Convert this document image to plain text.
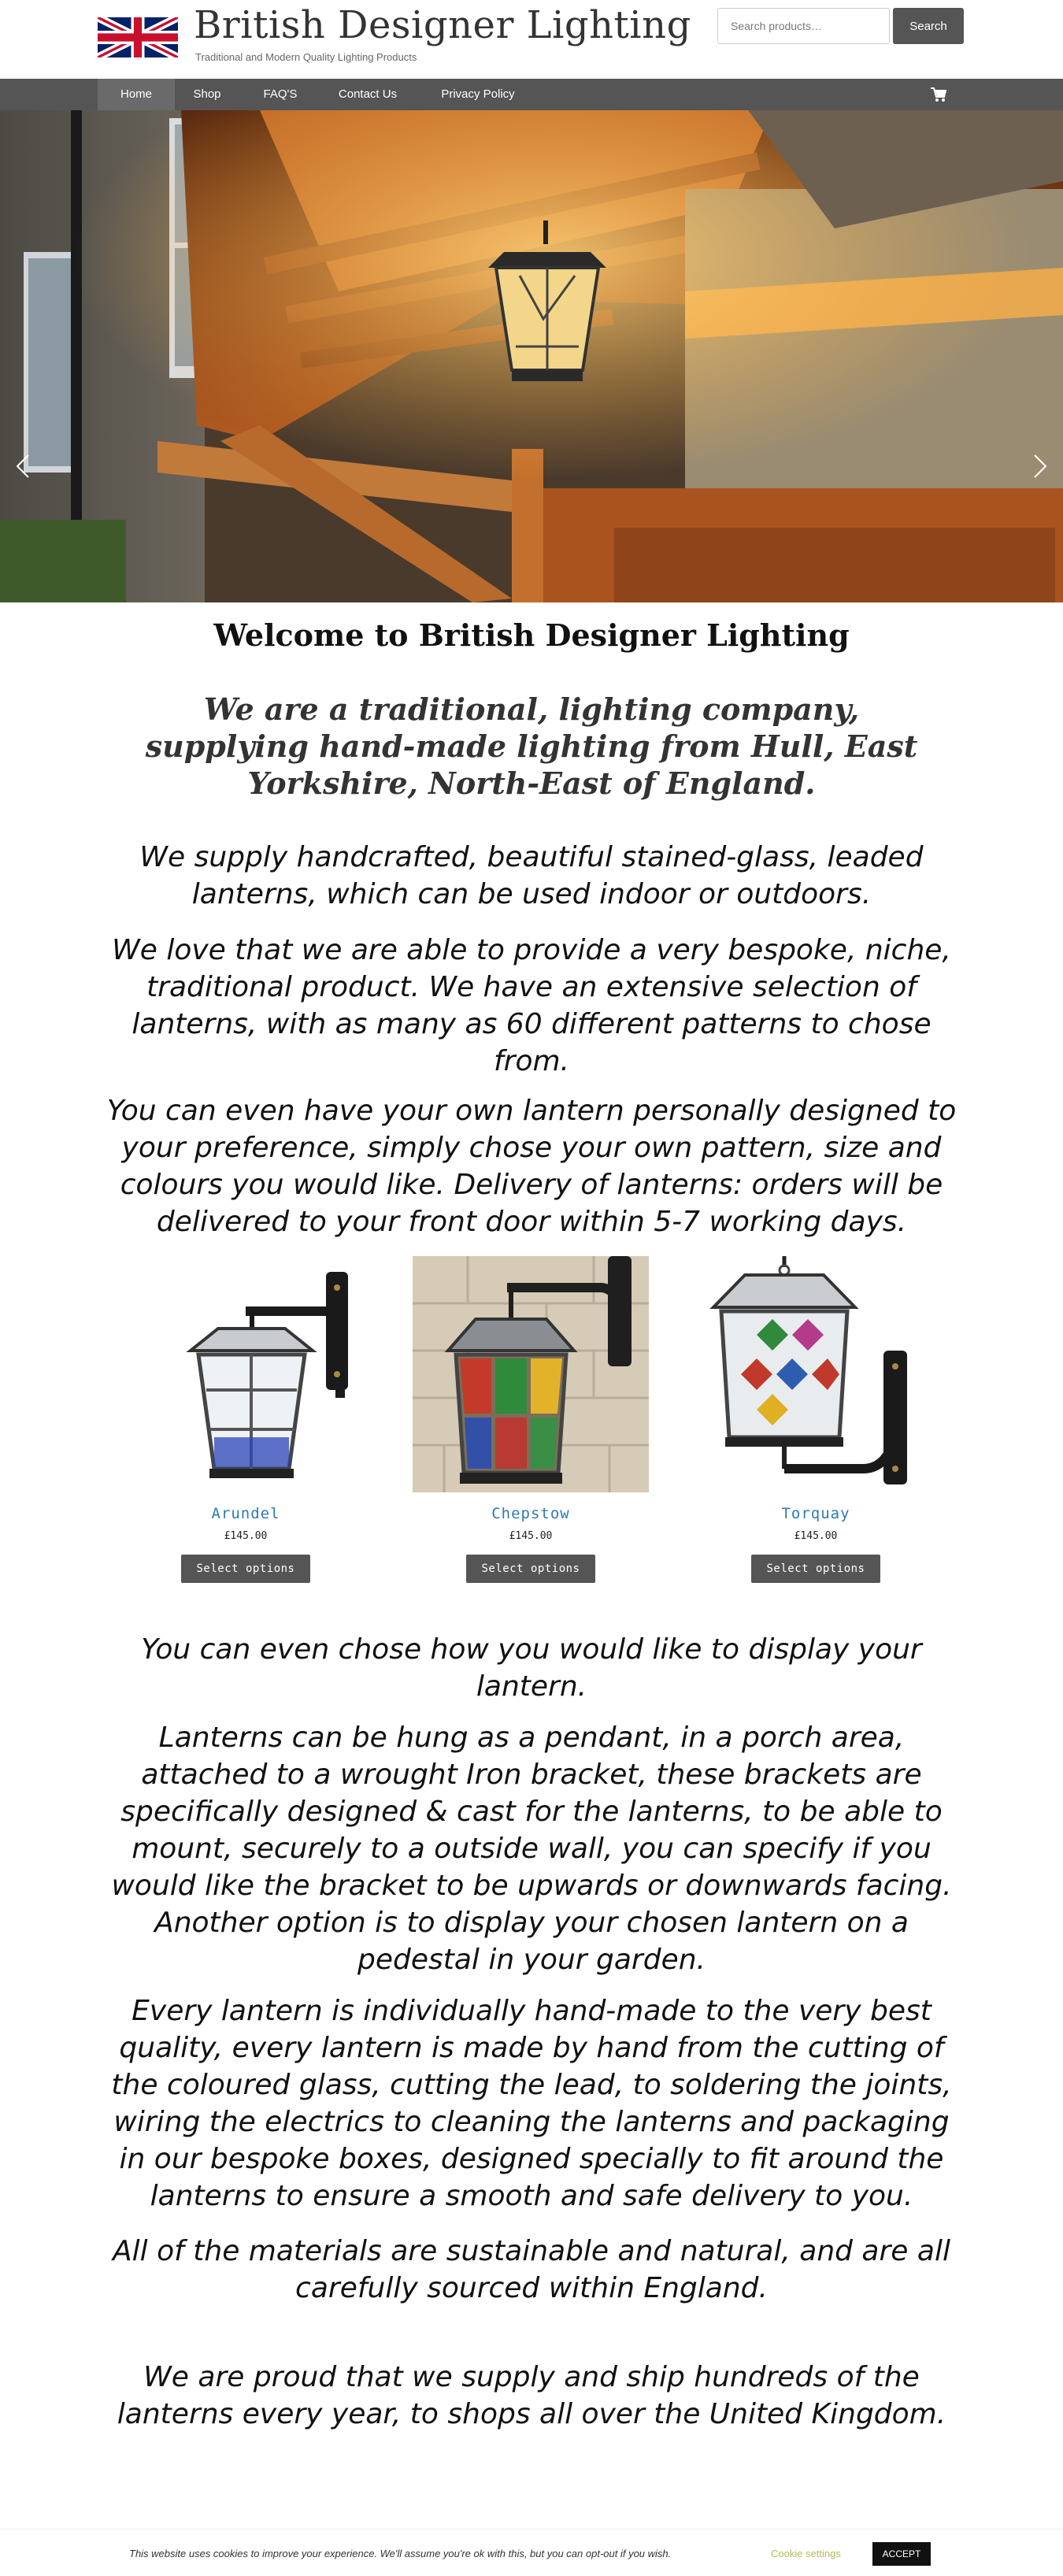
British Designer Lighting
Traditional and Modern Quality Lighting Products
Search products…
Search
Home	Shop	FAQ'S	Contact Us	Privacy Policy
Welcome to British Designer Lighting
We are a traditional, lighting company, supplying hand-made lighting from Hull, East Yorkshire, North-East of England.

We supply handcrafted, beautiful stained-glass, leaded lanterns, which can be used indoor or outdoors.

We love that we are able to provide a very bespoke, niche, traditional product. We have an extensive selection of lanterns, with as many as 60 different patterns to chose from.

You can even have your own lantern personally designed to your preference, simply chose your own pattern, size and colours you would like. Delivery of lanterns: orders will be delivered to your front door within 5-7 working days.

Arundel
£145.00
Select options
Chepstow
£145.00
Select options
Torquay
£145.00
Select options

You can even chose how you would like to display your lantern.

Lanterns can be hung as a pendant, in a porch area, attached to a wrought Iron bracket, these brackets are specifically designed & cast for the lanterns, to be able to mount, securely to a outside wall, you can specify if you would like the bracket to be upwards or downwards facing. Another option is to display your chosen lantern on a pedestal in your garden.

Every lantern is individually hand-made to the very best quality, every lantern is made by hand from the cutting of the coloured glass, cutting the lead, to soldering the joints, wiring the electrics to cleaning the lanterns and packaging in our bespoke boxes, designed specially to fit around the lanterns to ensure a smooth and safe delivery to you.

All of the materials are sustainable and natural, and are all carefully sourced within England.

We are proud that we supply and ship hundreds of the lanterns every year, to shops all over the United Kingdom.

This website uses cookies to improve your experience. We'll assume you're ok with this, but you can opt-out if you wish.	Cookie settings	ACCEPT
